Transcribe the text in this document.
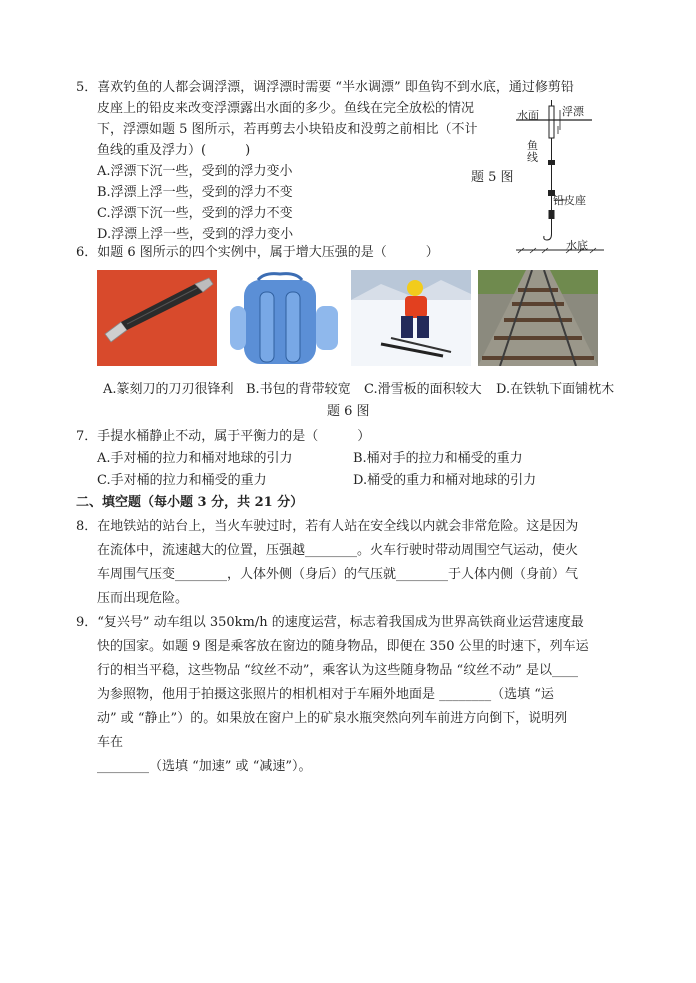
5．喜欢钓鱼的人都会调浮漂，调浮漂时需要 “半水调漂” 即鱼钩不到水底，通过修剪铅
皮座上的铅皮来改变浮漂露出水面的多少。鱼线在完全放松的情况
下，浮漂如题 5 图所示，若再剪去小块铅皮和没剪之前相比（不计
鱼线的重及浮力）(　　　)
A.浮漂下沉一些，受到的浮力变小
B.浮漂上浮一些，受到的浮力不变
C.浮漂下沉一些，受到的浮力不变
D.浮漂上浮一些，受到的浮力变小
题 5 图
浮漂
水面
鱼线
铅皮座
水底
6．如题 6 图所示的四个实例中，属于增大压强的是（　　　）
A.篆刻刀的刀刃很锋利 B.书包的背带较宽 C.滑雪板的面积较大 D.在铁轨下面铺枕木
题 6 图
7．手提水桶静止不动，属于平衡力的是（　　　）
A.手对桶的拉力和桶对地球的引力	B.桶对手的拉力和桶受的重力
C.手对桶的拉力和桶受的重力	D.桶受的重力和桶对地球的引力
二、填空题（每小题 3 分，共 21 分）
8．在地铁站的站台上，当火车驶过时，若有人站在安全线以内就会非常危险。这是因为
在流体中，流速越大的位置，压强越________。火车行驶时带动周围空气运动，使火
车周围气压变________，人体外侧（身后）的气压就________于人体内侧（身前）气
压而出现危险。
9．“复兴号” 动车组以 350km/h 的速度运营，标志着我国成为世界高铁商业运营速度最
快的国家。如题 9 图是乘客放在窗边的随身物品，即便在 350 公里的时速下，列车运
行的相当平稳，这些物品 “纹丝不动”，乘客认为这些随身物品 “纹丝不动” 是以____
为参照物，他用于拍摄这张照片的相机相对于车厢外地面是 ________（选填 “运
动” 或 “静止”）的。如果放在窗户上的矿泉水瓶突然向列车前进方向倒下，说明列
车在
________（选填 “加速” 或 “减速”）。
